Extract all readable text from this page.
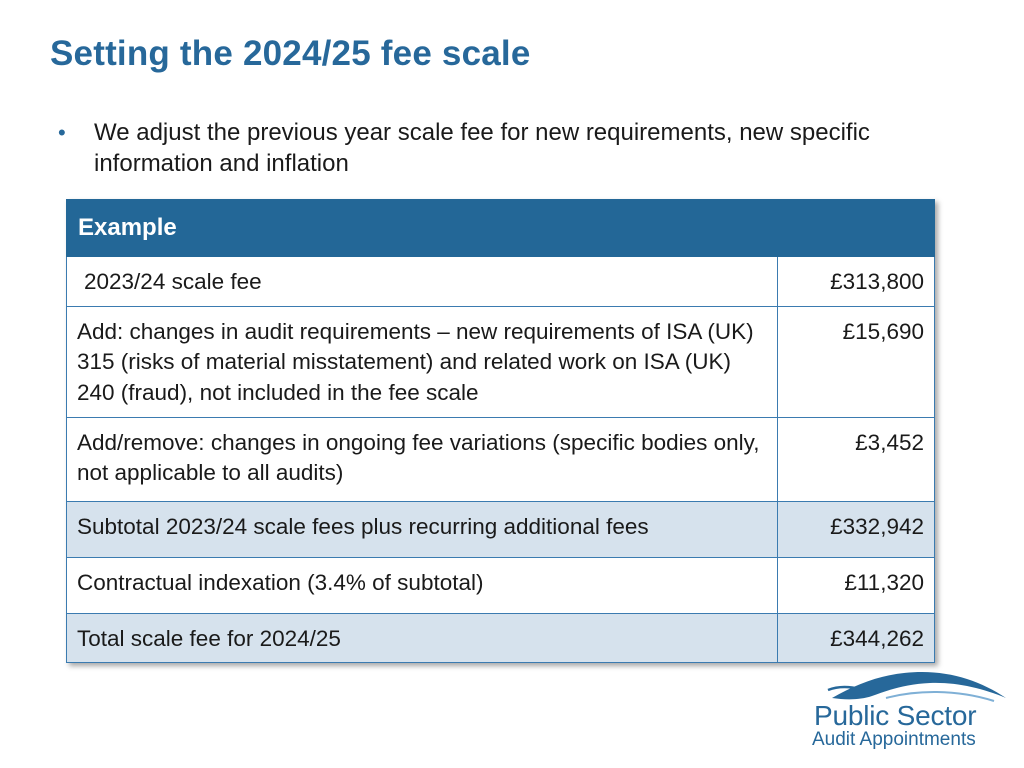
Setting the 2024/25 fee scale
• We adjust the previous year scale fee for new requirements, new specific information and inflation
Example	
2023/24 scale fee	£313,800
Add: changes in audit requirements – new requirements of ISA (UK) 315 (risks of material misstatement) and related work on ISA (UK) 240 (fraud), not included in the fee scale	£15,690
Add/remove: changes in ongoing fee variations (specific bodies only, not applicable to all audits)	£3,452
Subtotal 2023/24 scale fees plus recurring additional fees	£332,942
Contractual indexation (3.4% of subtotal)	£11,320
Total scale fee for 2024/25	£344,262
Public Sector
Audit Appointments
